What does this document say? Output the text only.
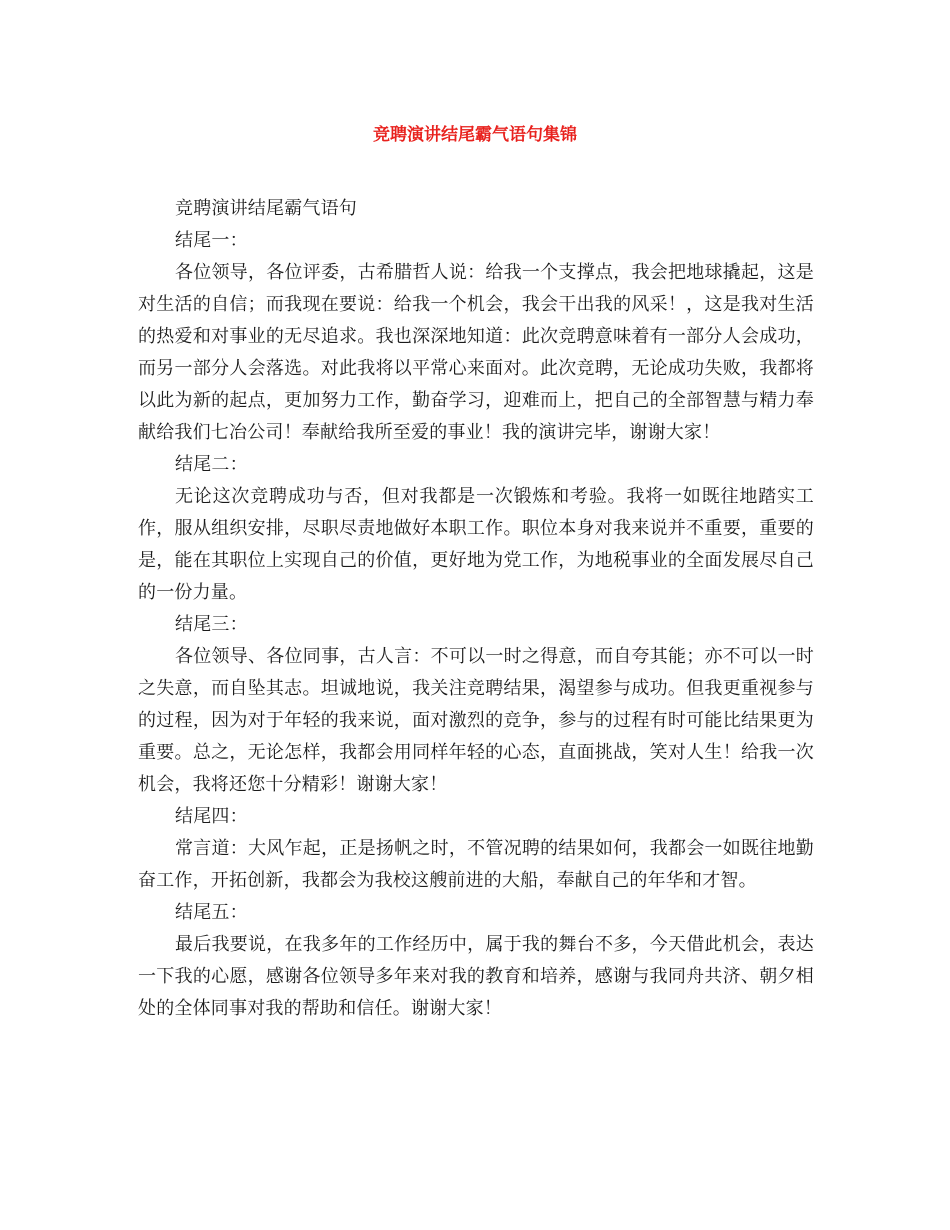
竞聘演讲结尾霸气语句集锦

竞聘演讲结尾霸气语句

结尾一：

各位领导，各位评委，古希腊哲人说：给我一个支撑点，我会把地球撬起，这是对生活的自信；而我现在要说：给我一个机会，我会干出我的风采！，这是我对生活的热爱和对事业的无尽追求。我也深深地知道：此次竞聘意味着有一部分人会成功，而另一部分人会落选。对此我将以平常心来面对。此次竞聘，无论成功失败，我都将以此为新的起点，更加努力工作，勤奋学习，迎难而上，把自己的全部智慧与精力奉献给我们七冶公司！奉献给我所至爱的事业！我的演讲完毕，谢谢大家！

结尾二：

无论这次竞聘成功与否，但对我都是一次锻炼和考验。我将一如既往地踏实工作，服从组织安排，尽职尽责地做好本职工作。职位本身对我来说并不重要，重要的是，能在其职位上实现自己的价值，更好地为党工作，为地税事业的全面发展尽自己的一份力量。

结尾三：

各位领导、各位同事，古人言：不可以一时之得意，而自夸其能；亦不可以一时之失意，而自坠其志。坦诚地说，我关注竞聘结果，渴望参与成功。但我更重视参与的过程，因为对于年轻的我来说，面对激烈的竞争，参与的过程有时可能比结果更为重要。总之，无论怎样，我都会用同样年轻的心态，直面挑战，笑对人生！给我一次机会，我将还您十分精彩！谢谢大家！

结尾四：

常言道：大风乍起，正是扬帆之时，不管况聘的结果如何，我都会一如既往地勤奋工作，开拓创新，我都会为我校这艘前进的大船，奉献自己的年华和才智。

结尾五：

最后我要说，在我多年的工作经历中，属于我的舞台不多，今天借此机会，表达一下我的心愿，感谢各位领导多年来对我的教育和培养，感谢与我同舟共济、朝夕相处的全体同事对我的帮助和信任。谢谢大家！
